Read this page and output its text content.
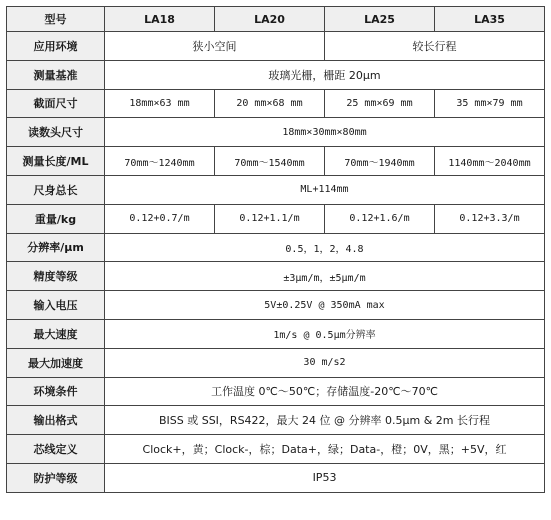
型号	LA18	LA20	LA25	LA35
应用环境	狭小空间		较长行程	
测量基准	玻璃光栅，栅距 20μm			
截面尺寸	18mm×63 mm	20 mm×68 mm	25 mm×69 mm	35 mm×79 mm
读数头尺寸	18mm×30mm×80mm			
测量长度/ML	70mm～1240mm	70mm～1540mm	70mm～1940mm	1140mm～2040mm
尺身总长	ML+114mm			
重量/kg	0.12+0.7/m	0.12+1.1/m	0.12+1.6/m	0.12+3.3/m
分辨率/μm	0.5，1，2，4.8			
精度等级	±3μm/m，±5μm/m			
输入电压	5V±0.25V @ 350mA max			
最大速度	1m/s @ 0.5μm分辨率			
最大加速度	30 m/s2			
环境条件	工作温度 0℃～50℃；存储温度-20℃～70℃			
输出格式	BISS 或 SSI，RS422，最大 24 位 @ 分辨率 0.5μm & 2m 长行程			
芯线定义	Clock+，黄；Clock-，棕；Data+，绿；Data-，橙；0V，黑；+5V，红			
防护等级	IP53			
